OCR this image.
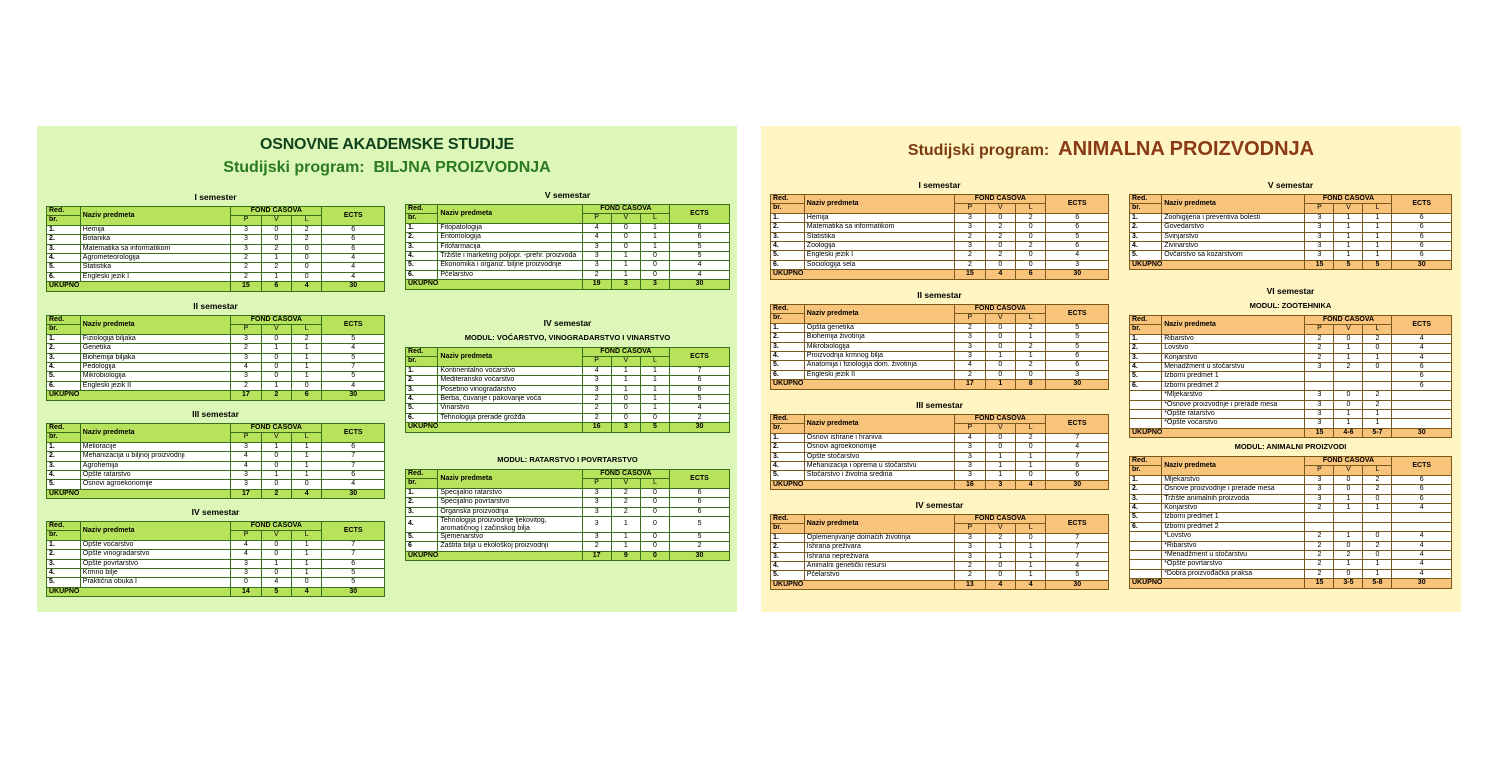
OSNOVNE AKADEMSKE STUDIJE
Studijski program: BILJNA PROIZVODNJA
I semester
Red.	Naziv predmeta	FOND ČASOVA			ECTS
br.		P	V	L	
1.	Hemija	3	0	2	6
2.	Botanika	3	0	2	6
3.	Matematika sa informatikom	3	2	0	6
4.	Agrometeorologija	2	1	0	4
5.	Statistika	2	2	0	4
6.	Engleski jezik I	2	1	0	4
UKUPNO		15	6	4	30
II semestar
Red.	Naziv predmeta	FOND ČASOVA			ECTS
br.		P	V	L	
1.	Fiziologija biljaka	3	0	2	5
2.	Genetika	2	1	1	4
3.	Biohemija biljaka	3	0	1	5
4.	Pedologija	4	0	1	7
5.	Mikrobiologija	3	0	1	5
6.	Engleski jezik II	2	1	0	4
UKUPNO		17	2	6	30
III semestar
Red.	Naziv predmeta	FOND ČASOVA			ECTS
br.		P	V	L	
1.	Melioracije	3	1	1	6
2.	Mehanizacija u biljnoj proizvodnji	4	0	1	7
3.	Agrohemija	4	0	1	7
4.	Opšte ratarstvo	3	1	1	6
5.	Osnovi agroekonomije	3	0	0	4
UKUPNO		17	2	4	30
IV semestar
Red.	Naziv predmeta	FOND ČASOVA			ECTS
br.		P	V	L	
1.	Opšte voćarstvo	4	0	1	7
2.	Opšte vinogradarstvo	4	0	1	7
3.	Opšte povrtarstvo	3	1	1	6
4.	Krmno bilje	3	0	1	5
5.	Praktična obuka I	0	4	0	5
UKUPNO		14	5	4	30
V semestar
Red.	Naziv predmeta	FOND ČASOVA			ECTS
br.		P	V	L	
1.	Fitopatologija	4	0	1	6
2.	Entomologija	4	0	1	6
3.	Fitofarmacija	3	0	1	5
4.	Tržište i marketing poljopr. -prehr. proizvoda	3	1	0	5
5.	Ekonomika i organiz. biljne proizvodnje	3	1	0	4
6.	Pčelarstvo	2	1	0	4
UKUPNO		19	3	3	30
IV semestar
MODUL: VOĆARSTVO, VINOGRADARSTVO I VINARSTVO
Red.	Naziv predmeta	FOND ČASOVA			ECTS
br.		P	V	L	
1.	Kontinentalno voćarstvo	4	1	1	7
2.	Mediteransko voćarstvo	3	1	1	6
3.	Posebno vinogradarstvo	3	1	1	6
4.	Berba, čuvanje i pakovanje voća	2	0	1	5
5.	Vinarstvo	2	0	1	4
6.	Tehnologija prerade grožđa	2	0	0	2
UKUPNO		16	3	5	30
MODUL: RATARSTVO I POVRTARSTVO
Red.	Naziv predmeta	FOND ČASOVA			ECTS
br.		P	V	L	
1.	Specijalno ratarstvo	3	2	0	6
2.	Specijalno povrtarstvo	3	2	0	6
3.	Organska proizvodnja	3	2	0	6
4.	Tehnologija proizvodnje ljekovitog, aromatičnog i začinskog bilja	3	1	0	5
5.	Sjemenarstvo	3	1	0	5
6	Zaštita bilja u ekološkoj proizvodnji	2	1	0	2
UKUPNO		17	9	0	30
Studijski program: ANIMALNA PROIZVODNJA
I semestar
Red.	Naziv predmeta	FOND ČASOVA			ECTS
br.		P	V	L	
1.	Hemija	3	0	2	6
2.	Matematika sa informatikom	3	2	0	6
3.	Statistika	2	2	0	5
4.	Zoologija	3	0	2	6
5.	Engleski jezik I	2	2	0	4
6.	Sociologija sela	2	0	0	3
UKUPNO		15	4	6	30
II semestar
Red.	Naziv predmeta	FOND ČASOVA			ECTS
br.		P	V	L	
1.	Opšta genetika	2	0	2	5
2.	Biohemija životinja	3	0	1	5
3.	Mikrobiologija	3	0	2	5
4.	Proizvodnja krmnog bilja	3	1	1	6
5.	Anatomija i fiziologija dom. životinja	4	0	2	6
6.	Engleski jezik II	2	0	0	3
UKUPNO		17	1	8	30
III semestar
Red.	Naziv predmeta	FOND ČASOVA			ECTS
br.		P	V	L	
1.	Osnovi ishrane i hraniva	4	0	2	7
2.	Osnovi agroekonomije	3	0	0	4
3.	Opšte stočarstvo	3	1	1	7
4.	Mehanizacija i oprema u stočarstvu	3	1	1	6
5.	Stočarstvo i životna sredina	3	1	0	6
UKUPNO		16	3	4	30
IV semestar
Red.	Naziv predmeta	FOND ČASOVA			ECTS
br.		P	V	L	
1.	Oplemenjivanje domaćih životinja	3	2	0	7
2.	Ishrana preživara	3	1	1	7
3.	Ishrana nepreživara	3	1	1	7
4.	Animalni genetički resursi	2	0	1	4
5.	Pčelarstvo	2	0	1	5
UKUPNO		13	4	4	30
V semestar
Red.	Naziv predmeta	FOND ČASOVA			ECTS
br.		P	V	L	
1.	Zoohigijena i preventiva bolesti	3	1	1	6
2.	Govedarstvo	3	1	1	6
3.	Svinjarstvo	3	1	1	6
4.	Živinarstvo	3	1	1	6
5.	Ovčarstvo sa kozarstvom	3	1	1	6
UKUPNO		15	5	5	30
VI semestar
MODUL: ZOOTEHNIKA
Red.	Naziv predmeta	FOND ČASOVA			ECTS
br.		P	V	L	
1.	Ribarstvo	2	0	2	4
2.	Lovstvo	2	1	0	4
3.	Konjarstvo	2	1	1	4
4.	Menadžment u stočarstvu	3	2	0	6
5.	Izborni predmet 1				6
6.	Izborni predmet 2				6
	*Mljekarstvo	3	0	2	
	*Osnove proizvodnje i prerade mesa	3	0	2	
	*Opšte ratarstvo	3	1	1	
	*Opšte voćarstvo	3	1	1	
UKUPNO		15	4-6	5-7	30
MODUL: ANIMALNI PROIZVODI
Red.	Naziv predmeta	FOND ČASOVA			ECTS
br.		P	V	L	
1.	Mljekarstvo	3	0	2	6
2.	Osnove proizvodnje i prerade mesa	3	0	2	6
3.	Tržište animalnih proizvoda	3	1	0	6
4.	Konjarstvo	2	1	1	4
5.	Izborni predmet 1				
6.	Izborni predmet 2				
	*Lovstvo	2	1	0	4
	*Ribarstvo	2	0	2	4
	*Menadžment u stočarstvu	2	2	0	4
	*Opšte povrtarstvo	2	1	1	4
	*Dobra proizvođačka praksa	2	0	1	4
UKUPNO		15	3-5	5-8	30
